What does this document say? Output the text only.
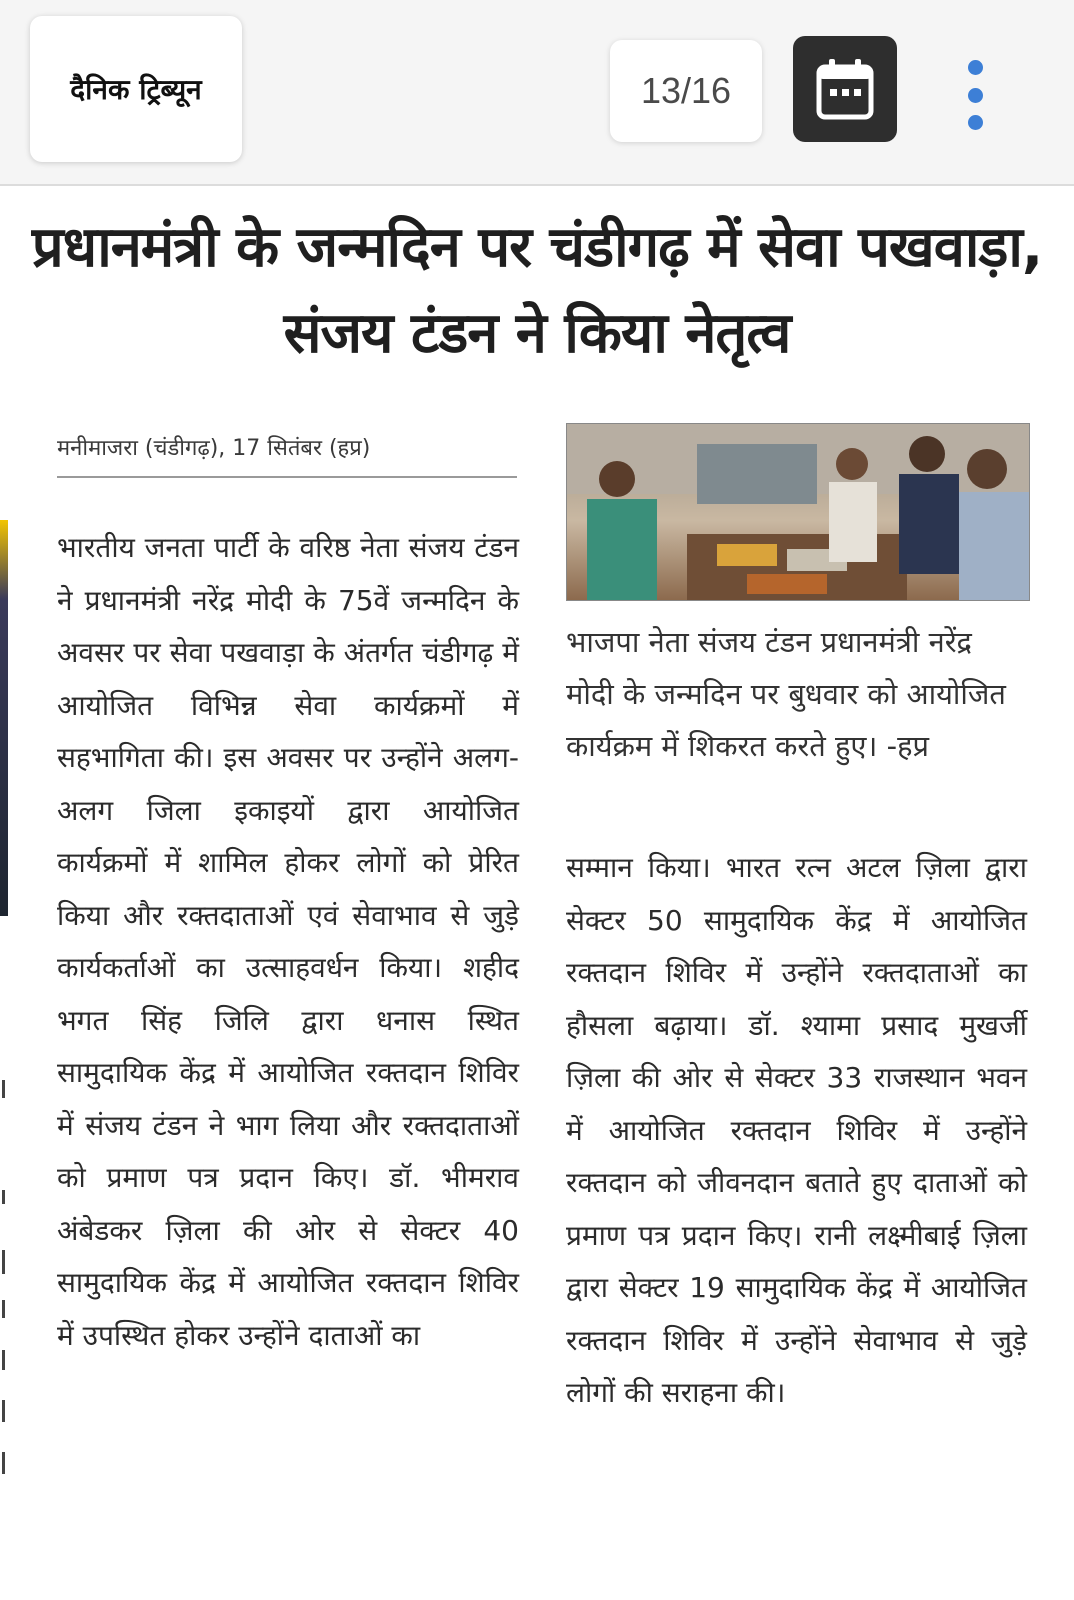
दैनिक ट्रिब्यून	13/16
प्रधानमंत्री के जन्मदिन पर चंडीगढ़ में सेवा पखवाड़ा, संजय टंडन ने किया नेतृत्व
मनीमाजरा (चंडीगढ़), 17 सितंबर (हप्र)
भारतीय जनता पार्टी के वरिष्ठ नेता संजय टंडन ने प्रधानमंत्री नरेंद्र मोदी के 75वें जन्मदिन के अवसर पर सेवा पखवाड़ा के अंतर्गत चंडीगढ़ में आयोजित विभिन्न सेवा कार्यक्रमों में सहभागिता की। इस अवसर पर उन्होंने अलग-अलग जिला इकाइयों द्वारा आयोजित कार्यक्रमों में शामिल होकर लोगों को प्रेरित किया और रक्तदाताओं एवं सेवाभाव से जुड़े कार्यकर्ताओं का उत्साहवर्धन किया। शहीद भगत सिंह जिलि द्वारा धनास स्थित सामुदायिक केंद्र में आयोजित रक्तदान शिविर में संजय टंडन ने भाग लिया और रक्तदाताओं को प्रमाण पत्र प्रदान किए। डॉ. भीमराव अंबेडकर ज़िला की ओर से सेक्टर 40 सामुदायिक केंद्र में आयोजित रक्तदान शिविर में उपस्थित होकर उन्होंने दाताओं का
भाजपा नेता संजय टंडन प्रधानमंत्री नरेंद्र मोदी के जन्मदिन पर बुधवार को आयोजित कार्यक्रम में शिकरत करते हुए। -हप्र
सम्मान किया। भारत रत्न अटल ज़िला द्वारा सेक्टर 50 सामुदायिक केंद्र में आयोजित रक्तदान शिविर में उन्होंने रक्तदाताओं का हौसला बढ़ाया। डॉ. श्यामा प्रसाद मुखर्जी ज़िला की ओर से सेक्टर 33 राजस्थान भवन में आयोजित रक्तदान शिविर में उन्होंने रक्तदान को जीवनदान बताते हुए दाताओं को प्रमाण पत्र प्रदान किए। रानी लक्ष्मीबाई ज़िला द्वारा सेक्टर 19 सामुदायिक केंद्र में आयोजित रक्तदान शिविर में उन्होंने सेवाभाव से जुड़े लोगों की सराहना की।
